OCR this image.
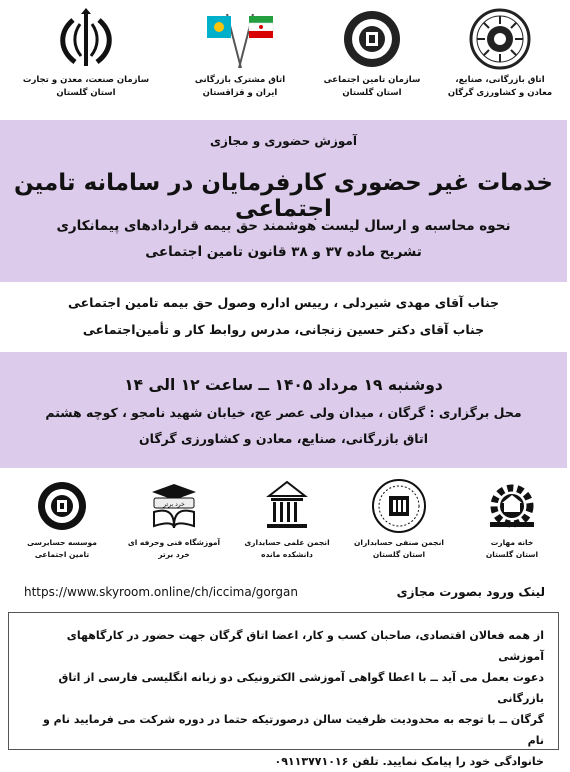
اتاق بازرگانی، صنایع،
معادن و کشاورزی گرگان
سازمان تامین اجتماعی
استان گلستان
اتاق مشترک بازرگانی
ایران و قزاقستان
سازمان صنعت، معدن و تجارت
استان گلستان
آموزش حضوری و مجازی
خدمات غیر حضوری کارفرمایان در سامانه تامین اجتماعی
نحوه محاسبه و ارسال لیست هوشمند حق بیمه قراردادهای پیمانکاری
تشریح ماده ۳۷ و ۳۸ قانون تامین اجتماعی
جناب آقای مهدی شیردلی ، رییس اداره وصول حق بیمه تامین اجتماعی
جناب آقای دکتر حسین زنجانی، مدرس روابط کار و تأمین‌اجتماعی
دوشنبه ۱۹ مرداد ۱۴۰۵ ــ ساعت ۱۲ الی ۱۴
محل برگزاری : گرگان ، میدان ولی عصر عج، خیابان شهید نامجو ، کوچه هشتم
اتاق بازرگانی، صنایع، معادن و کشاورزی گرگان
خانه مهارت
استان گلستان
انجمن صنفی حسابداران
استان گلستان
انجمن علمی حسابداری
دانشکده مانده
خرد برتر
آموزشگاه فنی وحرفه ای
خرد برتر
موسسه حسابرسی
تامین اجتماعی
لینک ورود بصورت مجازی
https://www.skyroom.online/ch/iccima/gorgan
از همه فعالان اقتصادی، صاحبان کسب و کار، اعضا اتاق گرگان جهت حضور در کارگاههای آموزشی
دعوت بعمل می آید ــ با اعطا گواهی آموزشی الکترونیکی دو زبانه انگلیسی فارسی از اتاق بازرگانی
گرگان ــ با توجه به محدودیت ظرفیت سالن درصورتیکه حتما در دوره شرکت می فرمایید نام و نام
خانوادگی خود را پیامک نمایید. تلفن ۰۹۱۱۳۷۷۱۰۱۶
